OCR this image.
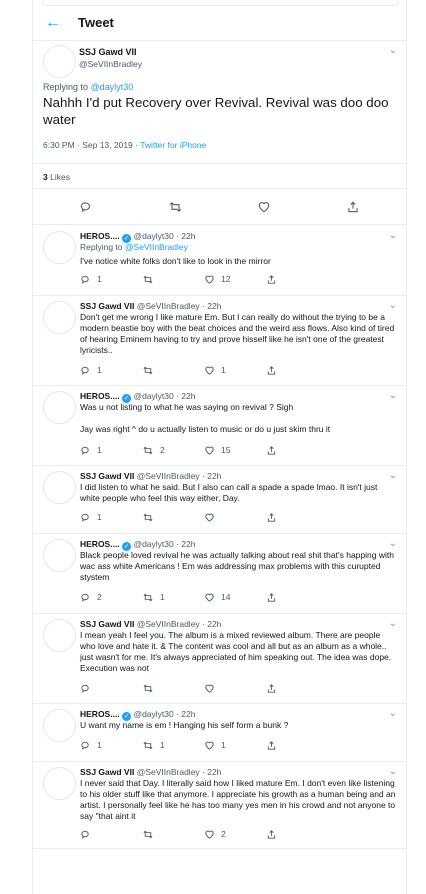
← Tweet
SSJ Gawd VII
@SeVIInBradley
⌄
Replying to @daylyt30
Nahhh I'd put Recovery over Revival. Revival was doo doo water
6:30 PM · Sep 13, 2019 · Twitter for iPhone
3 Likes
HEROS.... ✓ @daylyt30 · 22h	⌄
Replying to @SeVIInBradley
I've notice white folks don't like to look in the mirror
1	12
SSJ Gawd VII @SeVIInBradley · 22h	⌄
Don't get me wrong I like mature Em. But I can really do without the trying to be a modern beastie boy with the beat choices and the weird ass flows. Also kind of tired of hearing Eminem having to try and prove hisself like he isn't one of the greatest lyricists..
1	1
HEROS.... ✓ @daylyt30 · 22h	⌄
Was u not listing to what he was saying on revival ? Sigh

Jay was right ^ do u actually listen to music or do u just skim thru it
1	2	15
SSJ Gawd VII @SeVIInBradley · 22h	⌄
I did listen to what he said. But I also can call a spade a spade lmao. It isn't just white people who feel this way either, Day.
1
HEROS.... ✓ @daylyt30 · 22h	⌄
Black people loved revival he was actually talking about real shit that's happing with wac ass white Americans ! Em was addressing max problems with this curupted stystem
2	1	14
SSJ Gawd VII @SeVIInBradley · 22h	⌄
I mean yeah I feel you. The album is a mixed reviewed album. There are people who love and hate it. & The content was cool and all but as an album as a whole.. just wasn't for me. It's always appreciated of him speaking out. The idea was dope. Execution was not
HEROS.... ✓ @daylyt30 · 22h	⌄
U want my name is em ! Hanging his self form a bunk ?
1	1	1
SSJ Gawd VII @SeVIInBradley · 22h	⌄
I never said that Day. I literally said how I liked mature Em. I don't even like listening to his older stuff like that anymore. I appreciate his growth as a human being and an artist. I personally feel like he has too many yes men in his crowd and not anyone to say "that aint it
2
